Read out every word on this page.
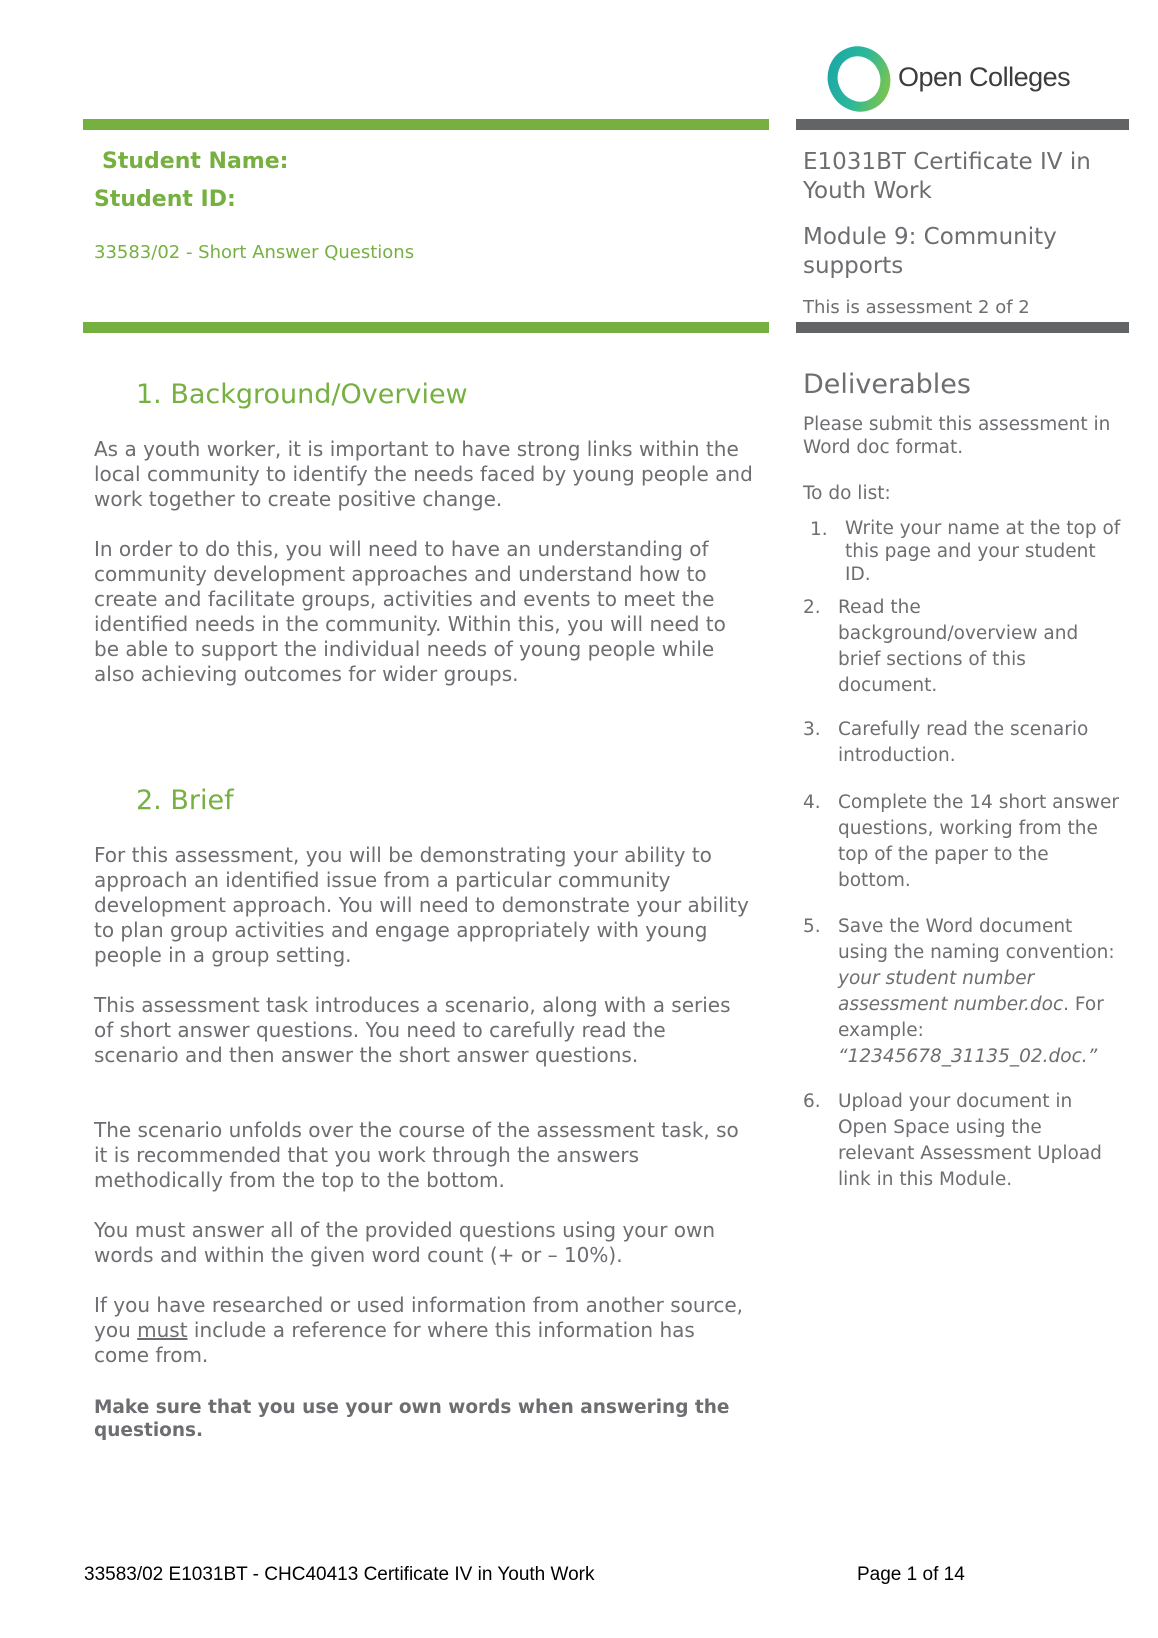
Open Colleges
Student Name:
Student ID:
33583/02 - Short Answer Questions
E1031BT Certificate IV in Youth Work
Module 9: Community supports
This is assessment 2 of 2
1. Background/Overview
As a youth worker, it is important to have strong links within the local community to identify the needs faced by young people and work together to create positive change.
In order to do this, you will need to have an understanding of community development approaches and understand how to create and facilitate groups, activities and events to meet the identified needs in the community. Within this, you will need to be able to support the individual needs of young people while also achieving outcomes for wider groups.
2. Brief
For this assessment, you will be demonstrating your ability to approach an identified issue from a particular community development approach. You will need to demonstrate your ability to plan group activities and engage appropriately with young people in a group setting.
This assessment task introduces a scenario, along with a series of short answer questions. You need to carefully read the scenario and then answer the short answer questions.
The scenario unfolds over the course of the assessment task, so it is recommended that you work through the answers methodically from the top to the bottom.
You must answer all of the provided questions using your own words and within the given word count (+ or – 10%).
If you have researched or used information from another source, you must include a reference for where this information has come from.
Make sure that you use your own words when answering the questions.
Deliverables
Please submit this assessment in Word doc format.
To do list:
1. Write your name at the top of this page and your student ID.
2. Read the background/overview and brief sections of this document.
3. Carefully read the scenario introduction.
4. Complete the 14 short answer questions, working from the top of the paper to the bottom.
5. Save the Word document using the naming convention: your student number assessment number.doc. For example: “12345678_31135_02.doc.”
6. Upload your document in Open Space using the relevant Assessment Upload link in this Module.
33583/02 E1031BT - CHC40413 Certificate IV in Youth Work	Page 1 of 14
